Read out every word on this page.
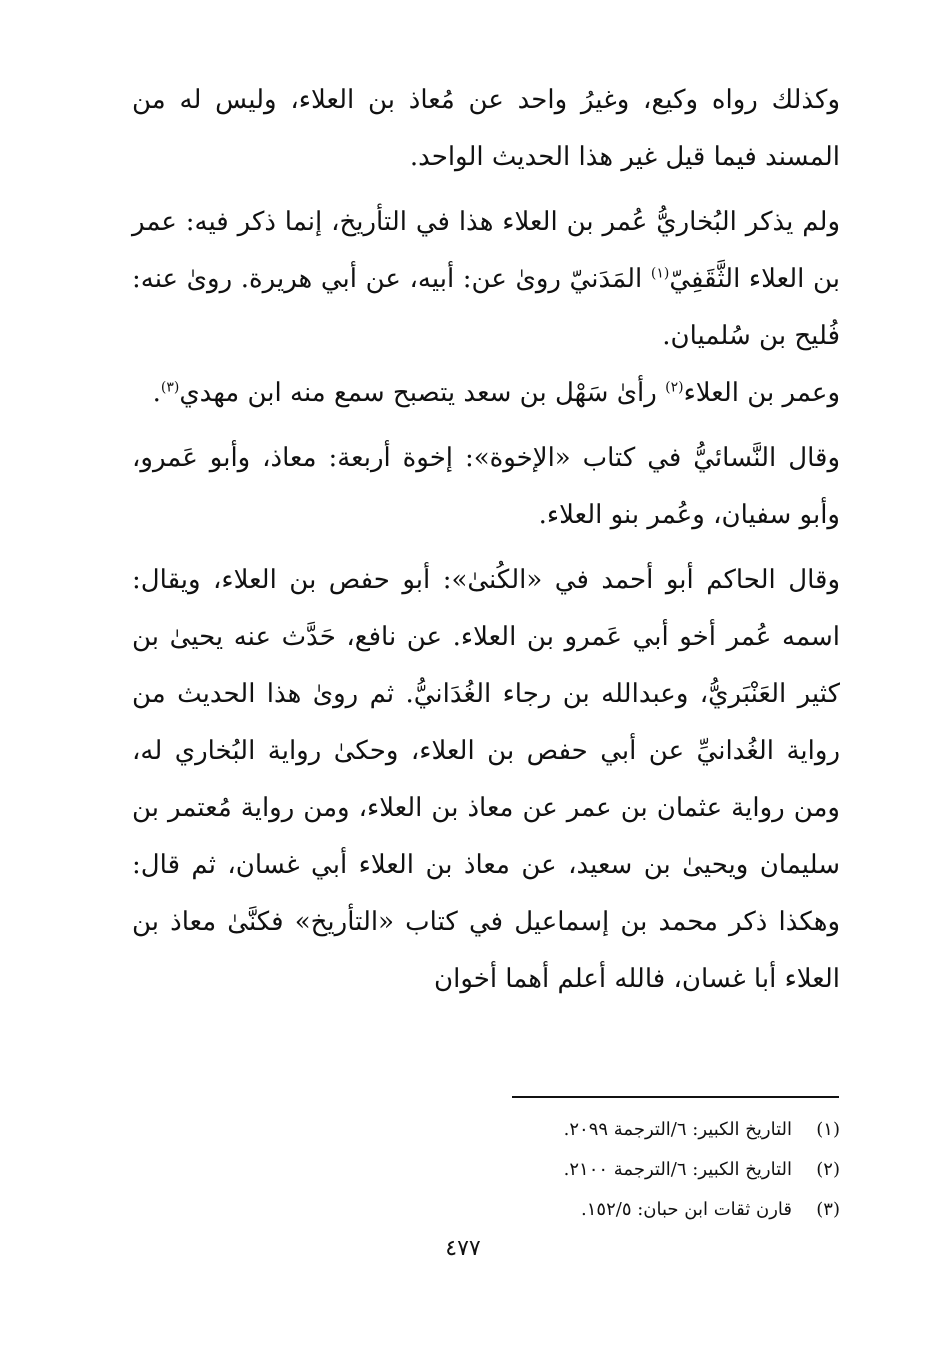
وكذلك رواه وكيع، وغيرُ واحد عن مُعاذ بن العلاء، وليس له من المسند فيما قيل غير هذا الحديث الواحد.

ولم يذكر البُخاريُّ عُمر بن العلاء هذا في التأريخ، إنما ذكر فيه: عمر بن العلاء الثَّقَفِيّ$^{(١)}$ المَدَنيّ روىٰ عن: أبيه، عن أبي هريرة. روىٰ عنه: فُليح بن سُلميان.

وعمر بن العلاء$^{(٢)}$ رأىٰ سَهْل بن سعد يتصبح سمع منه ابن مهدي$^{(٣)}$.

وقال النَّسائيُّ في كتاب «الإخوة»: إخوة أربعة: معاذ، وأبو عَمرو، وأبو سفيان، وعُمر بنو العلاء.

وقال الحاكم أبو أحمد في «الكُنىٰ»: أبو حفص بن العلاء، ويقال: اسمه عُمر أخو أبي عَمرو بن العلاء. عن نافع، حَدَّث عنه يحيىٰ بن كثير العَنْبَريُّ، وعبدالله بن رجاء الغُدَانيُّ. ثم روىٰ هذا الحديث من رواية الغُدانيِّ عن أبي حفص بن العلاء، وحكىٰ رواية البُخاري له، ومن رواية عثمان بن عمر عن معاذ بن العلاء، ومن رواية مُعتمر بن سليمان ويحيىٰ بن سعيد، عن معاذ بن العلاء أبي غسان، ثم قال: وهكذا ذكر محمد بن إسماعيل في كتاب «التأريخ» فكنَّىٰ معاذ بن العلاء أبا غسان، فالله أعلم أهما أخوان

(١)
التاريخ الكبير: ٦/الترجمة ٢٠٩٩.
(٢)
التاريخ الكبير: ٦/الترجمة ٢١٠٠.
(٣)
قارن ثقات ابن حبان: ١٥٢/٥.
٤٧٧
